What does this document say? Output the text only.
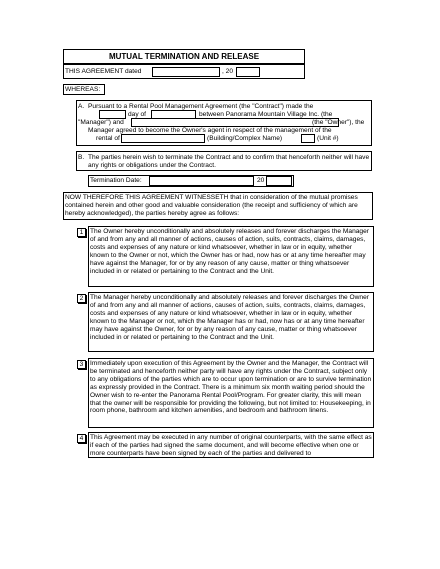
MUTUAL TERMINATION AND RELEASE
THIS AGREEMENT dated	, 20
WHEREAS:
A. Pursuant to a Rental Pool Management Agreement (the "Contract") made the
day of	between Panorama Mountain Village Inc. (the
"Manager") and	(the "Owner"), the
Manager agreed to become the Owner's agent in respect of the management of the
rental of	(Building/Complex Name)	(Unit #)
B. The parties herein wish to terminate the Contract and to confirm that henceforth neither will have any rights or obligations under the Contract.
Termination Date:	20
NOW THEREFORE THIS AGREEMENT WITNESSETH that in consideration of the mutual promises contained herein and other good and valuable consideration (the receipt and sufficiency of which are hereby acknowledged), the parties hereby agree as follows:
1	The Owner hereby unconditionally and absolutely releases and forever discharges the Manager of and from any and all manner of actions, causes of action, suits, contracts, claims, damages, costs and expenses of any nature or kind whatsoever, whether in law or in equity, whether known to the Owner or not, which the Owner has or had, now has or at any time hereafter may have against the Manager, for or by any reason of any cause, matter or thing whatsoever included in or related or pertaining to the Contract and the Unit.
2	The Manager hereby unconditionally and absolutely releases and forever discharges the Owner of and from any and all manner of actions, causes of action, suits, contracts, claims, damages, costs and expenses of any nature or kind whatsoever, whether in law or in equity, whether known to the Manager or not, which the Manager has or had, now has or at any time hereafter may have against the Owner, for or by any reason of any cause, matter or thing whatsoever included in or related or pertaining to the Contract and the Unit.
3	Immediately upon execution of this Agreement by the Owner and the Manager, the Contract will be terminated and henceforth neither party will have any rights under the Contract, subject only to any obligations of the parties which are to occur upon termination or are to survive termination as expressly provided in the Contract. There is a minimum six month waiting period should the Owner wish to re-enter the Panorama Rental Pool/Program. For greater clarity, this will mean that the owner will be responsible for providing the following, but not limited to: Housekeeping, in room phone, bathroom and kitchen amenities, and bedroom and bathroom linens.
4	This Agreement may be executed in any number of original counterparts, with the same effect as if each of the parties had signed the same document, and will become effective when one or more counterparts have been signed by each of the parties and delivered to
